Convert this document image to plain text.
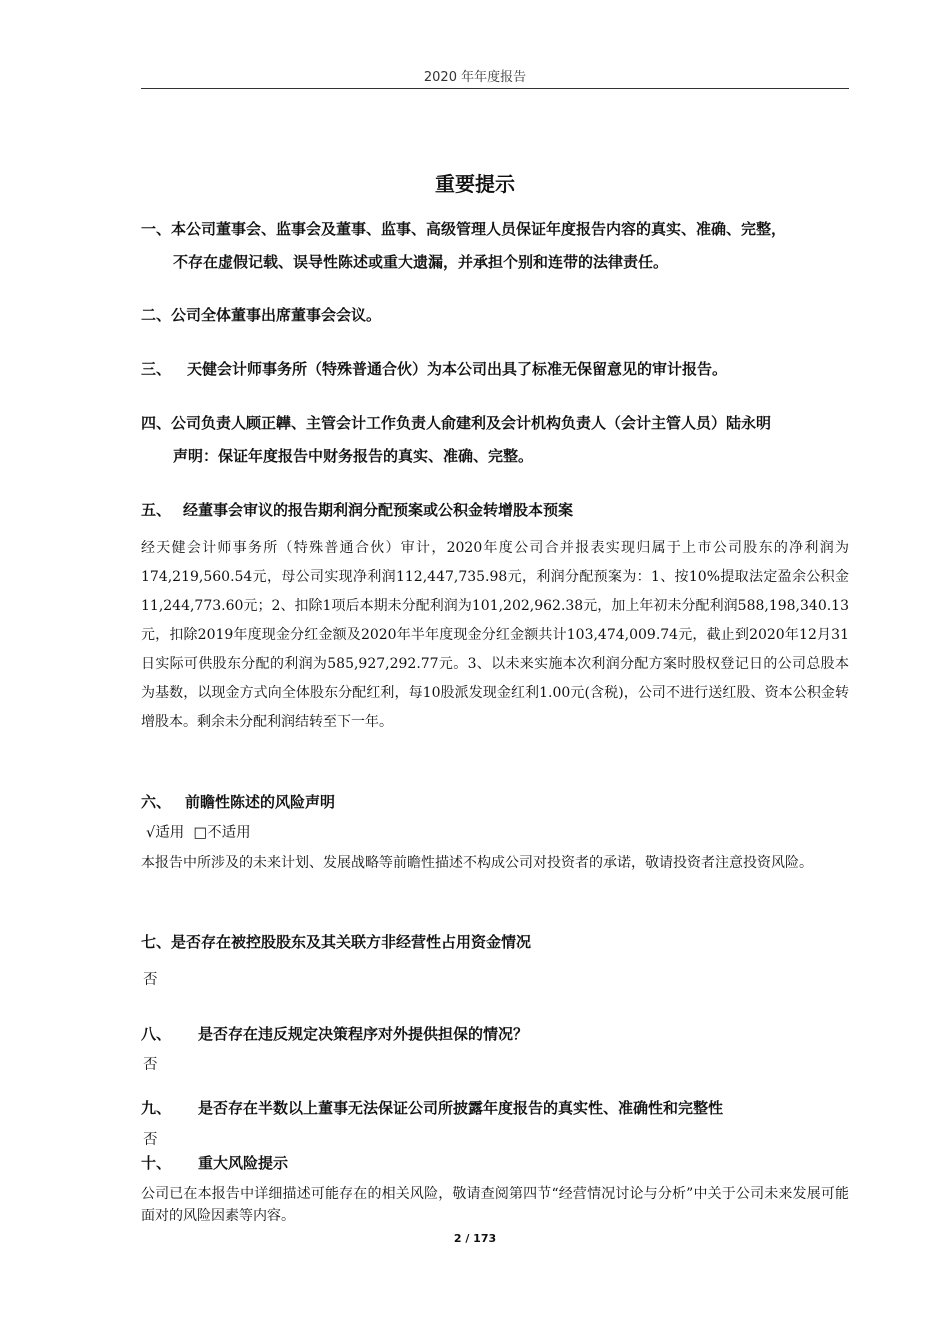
2020 年年度报告
重要提示
一、本公司董事会、监事会及董事、监事、高级管理人员保证年度报告内容的真实、准确、完整，
不存在虚假记载、误导性陈述或重大遗漏，并承担个别和连带的法律责任。
二、公司全体董事出席董事会会议。
三、 天健会计师事务所（特殊普通合伙）为本公司出具了标准无保留意见的审计报告。
四、公司负责人顾正韡、主管会计工作负责人俞建利及会计机构负责人（会计主管人员）陆永明
声明：保证年度报告中财务报告的真实、准确、完整。
五、 经董事会审议的报告期利润分配预案或公积金转增股本预案
经天健会计师事务所（特殊普通合伙）审计，2020年度公司合并报表实现归属于上市公司股东的净利润为174,219,560.54元，母公司实现净利润112,447,735.98元，利润分配预案为：1、按10%提取法定盈余公积金11,244,773.60元；2、扣除1项后本期未分配利润为101,202,962.38元，加上年初未分配利润588,198,340.13元，扣除2019年度现金分红金额及2020年半年度现金分红金额共计103,474,009.74元，截止到2020年12月31日实际可供股东分配的利润为585,927,292.77元。3、以未来实施本次利润分配方案时股权登记日的公司总股本为基数，以现金方式向全体股东分配红利，每10股派发现金红利1.00元(含税)，公司不进行送红股、资本公积金转增股本。剩余未分配利润结转至下一年。
六、 前瞻性陈述的风险声明
√适用 □不适用
本报告中所涉及的未来计划、发展战略等前瞻性描述不构成公司对投资者的承诺，敬请投资者注意投资风险。
七、是否存在被控股股东及其关联方非经营性占用资金情况
否
八、 是否存在违反规定决策程序对外提供担保的情况？
否
九、 是否存在半数以上董事无法保证公司所披露年度报告的真实性、准确性和完整性
否
十、 重大风险提示
公司已在本报告中详细描述可能存在的相关风险，敬请查阅第四节“经营情况讨论与分析”中关于公司未来发展可能面对的风险因素等内容。
2 / 173
